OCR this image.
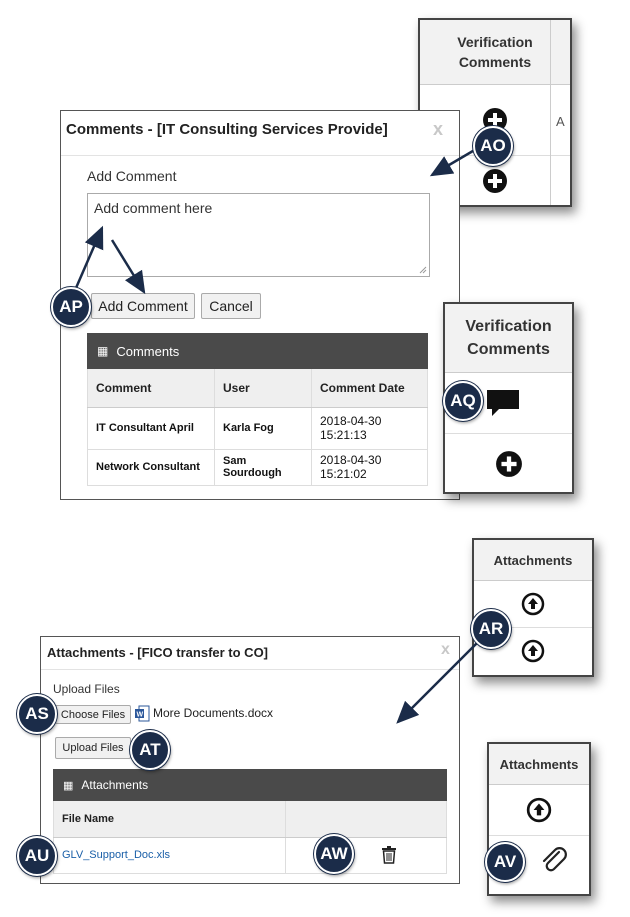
Verification Comments
A
Comments - [IT Consulting Services Provide]	x
Add Comment
Add comment here
Add Comment	Cancel
▦ Comments
Comment	User	Comment Date
IT Consultant April	Karla Fog	2018-04-30 15:21:13
Network Consultant	Sam Sourdough	2018-04-30 15:21:02
Verification Comments
Attachments
Attachments - [FICO transfer to CO]	x
Upload Files
Choose Files	W More Documents.docx
Upload Files
▦ Attachments
File Name	
GLV_Support_Doc.xls	
Attachments
AO
AP
AQ
AR
AS
AT
AU	AW	AV
